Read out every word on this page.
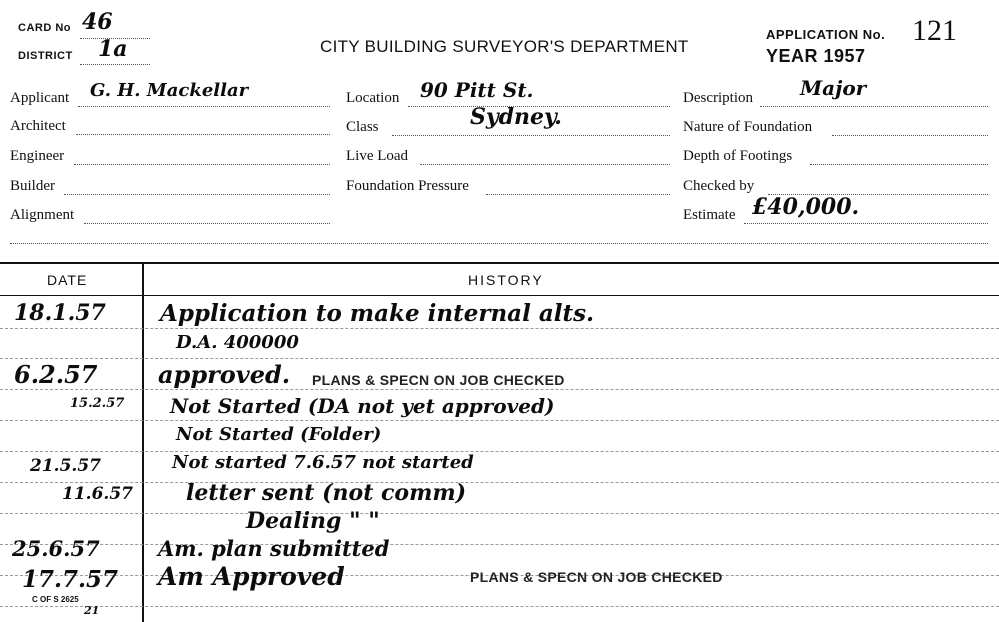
CARD No 46
DISTRICT 1a	CITY BUILDING SURVEYOR'S DEPARTMENT
APPLICATION No. 121
YEAR 1957
Applicant G. H. Mackellar
Architect
Engineer
Builder
Alignment
Location 90 Pitt St.
Class	Sydney.
Live Load
Foundation Pressure
Description Major
Nature of Foundation
Depth of Footings
Checked by
Estimate £40,000.
DATE	HISTORY
18.1.57 Application to make internal alts.
D.A. 400000
6.2.57	approved. PLANS & SPECN ON JOB CHECKED
15.2.57 Not Started (DA not yet approved)
Not Started (Folder)
21.5.57	Not started 7.6.57 not started
11.6.57 letter sent (not comm)
Dealing " "
25.6.57	Am. plan submitted
17.7.57 Am Approved	PLANS & SPECN ON JOB CHECKED
C OF S 2625
21
